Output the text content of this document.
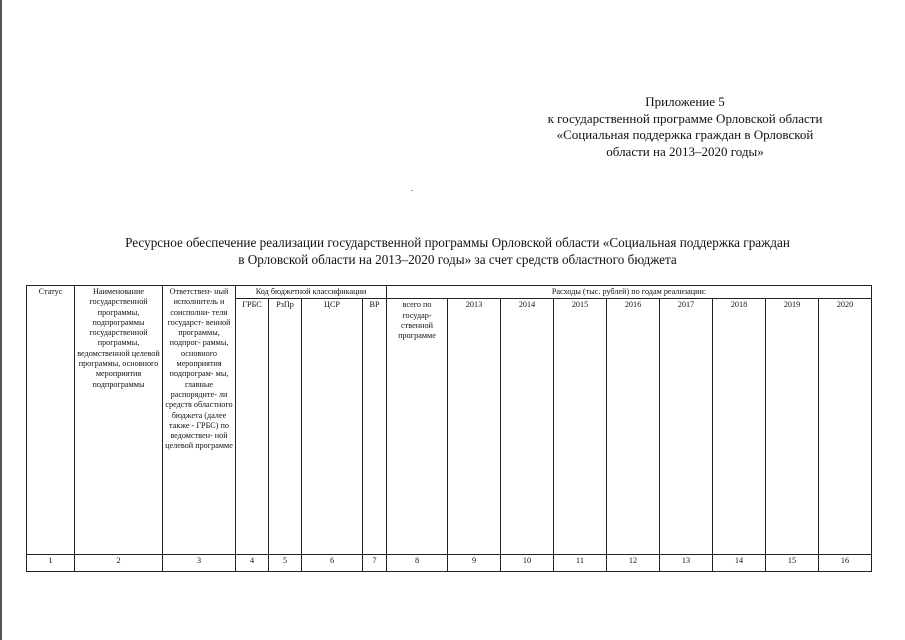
Приложение 5
к государственной программе Орловской области
«Социальная поддержка граждан в Орловской
области на 2013–2020 годы»
Ресурсное обеспечение реализации государственной программы Орловской области «Социальная поддержка граждан
в Орловской области на 2013–2020 годы» за счет средств областного бюджета
Статус	Наименование государственной программы, подпрограммы государственной программы, ведомственной целевой программы, основного мероприятия подпрограммы	Ответствен- ный исполнитель и соисполни- тели государст- венной программы, подпрог- раммы, основного мероприятия подпрограм- мы, главные распорядите- ли средств областного бюджета (далее также - ГРБС) по ведомствен- ной целевой программе	Код бюджетной классификации				Расходы (тыс. рублей) по годам реализации:								
			ГРБС	РзПр	ЦСР	ВР	всего по государ- ственной программе	2013	2014	2015	2016	2017	2018	2019	2020
1	2	3	4	5	6	7	8	9	10	11	12	13	14	15	16
